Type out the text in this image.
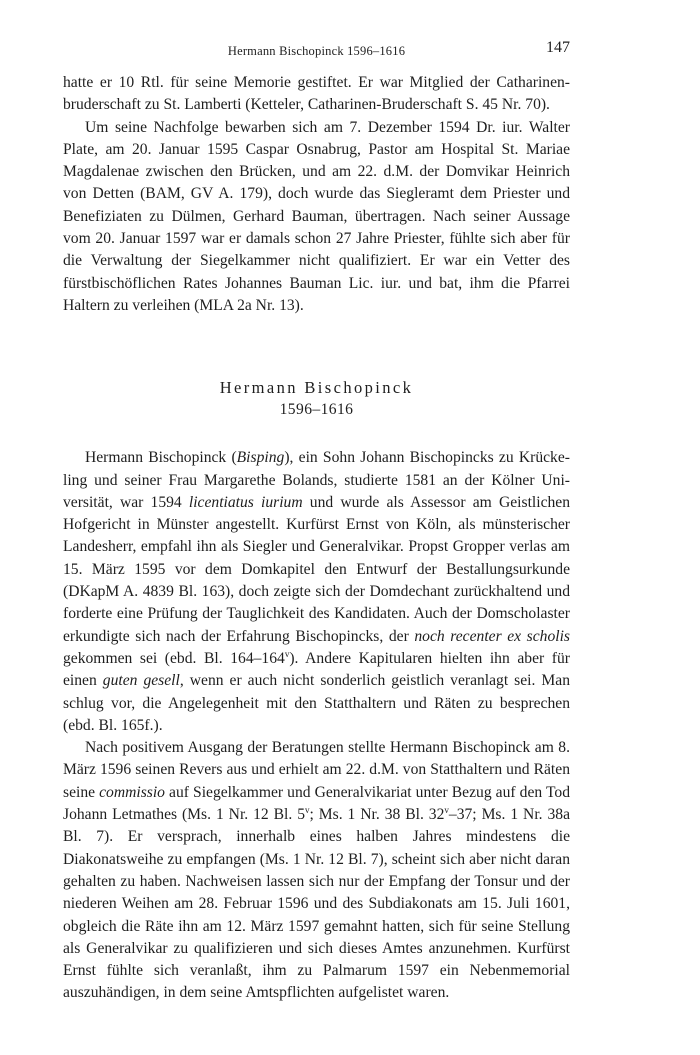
Hermann Bischopinck 1596–1616	147

hatte er 10 Rtl. für seine Memorie gestiftet. Er war Mitglied der Catharinenbruderschaft zu St. Lamberti (Ketteler, Catharinen-Bruderschaft S. 45 Nr. 70).

Um seine Nachfolge bewarben sich am 7. Dezember 1594 Dr. iur. Walter Plate, am 20. Januar 1595 Caspar Osnabrug, Pastor am Hospital St. Mariae Magdalenae zwischen den Brücken, und am 22. d.M. der Domvikar Heinrich von Detten (BAM, GV A. 179), doch wurde das Siegleramt dem Priester und Benefiziaten zu Dülmen, Gerhard Bauman, übertragen. Nach seiner Aussage vom 20. Januar 1597 war er damals schon 27 Jahre Priester, fühlte sich aber für die Verwaltung der Siegelkammer nicht qualifiziert. Er war ein Vetter des fürstbischöflichen Rates Johannes Bauman Lic. iur. und bat, ihm die Pfarrei Haltern zu verleihen (MLA 2a Nr. 13).

Hermann Bischopinck
1596–1616

Hermann Bischopinck (Bisping), ein Sohn Johann Bischopincks zu Krückeling und seiner Frau Margarethe Bolands, studierte 1581 an der Kölner Universität, war 1594 licentiatus iurium und wurde als Assessor am Geistlichen Hofgericht in Münster angestellt. Kurfürst Ernst von Köln, als münsterischer Landesherr, empfahl ihn als Siegler und Generalvikar. Propst Gropper verlas am 15. März 1595 vor dem Domkapitel den Entwurf der Bestallungsurkunde (DKapM A. 4839 Bl. 163), doch zeigte sich der Domdechant zurückhaltend und forderte eine Prüfung der Tauglichkeit des Kandidaten. Auch der Domscholaster erkundigte sich nach der Erfahrung Bischopincks, der noch recenter ex scholis gekommen sei (ebd. Bl. 164–164$^v$). Andere Kapitularen hielten ihn aber für einen guten gesell, wenn er auch nicht sonderlich geistlich veranlagt sei. Man schlug vor, die Angelegenheit mit den Statthaltern und Räten zu besprechen (ebd. Bl. 165f.).

Nach positivem Ausgang der Beratungen stellte Hermann Bischopinck am 8. März 1596 seinen Revers aus und erhielt am 22. d.M. von Statthaltern und Räten seine commissio auf Siegelkammer und Generalvikariat unter Bezug auf den Tod Johann Letmathes (Ms. 1 Nr. 12 Bl. 5$^v$; Ms. 1 Nr. 38 Bl. 32$^v$–37; Ms. 1 Nr. 38a Bl. 7). Er versprach, innerhalb eines halben Jahres mindestens die Diakonatsweihe zu empfangen (Ms. 1 Nr. 12 Bl. 7), scheint sich aber nicht daran gehalten zu haben. Nachweisen lassen sich nur der Empfang der Tonsur und der niederen Weihen am 28. Februar 1596 und des Subdiakonats am 15. Juli 1601, obgleich die Räte ihn am 12. März 1597 gemahnt hatten, sich für seine Stellung als Generalvikar zu qualifizieren und sich dieses Amtes anzunehmen. Kurfürst Ernst fühlte sich veranlaßt, ihm zu Palmarum 1597 ein Nebenmemorial auszuhändigen, in dem seine Amtspflichten aufgelistet waren.
